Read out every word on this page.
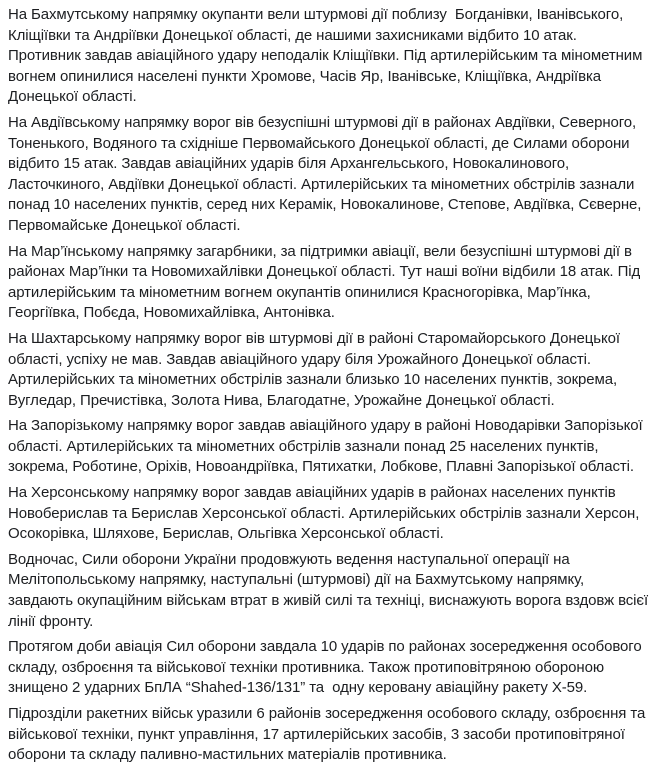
На Бахмутському напрямку окупанти вели штурмові дії поблизу  Богданівки, Іванівського, Кліщіївки та Андріївки Донецької області, де нашими захисниками відбито 10 атак. Противник завдав авіаційного удару неподалік Кліщіївки. Під артилерійським та мінометним вогнем опинилися населені пункти Хромове, Часів Яр, Іванівське, Кліщіївка, Андріївка Донецької області.

На Авдіївському напрямку ворог вів безуспішні штурмові дії в районах Авдіївки, Северного, Тоненького, Водяного та східніше Первомайського Донецької області, де Силами оборони відбито 15 атак. Завдав авіаційних ударів біля Архангельського, Новокалинового, Ласточкиного, Авдіївки Донецької області. Артилерійських та мінометних обстрілів зазнали понад 10 населених пунктів, серед них Керамік, Новокалинове, Степове, Авдіївка, Сєверне, Первомайське Донецької області.

На Мар’їнському напрямку загарбники, за підтримки авіації, вели безуспішні штурмові дії в районах Мар’їнки та Новомихайлівки Донецької області. Тут наші воїни відбили 18 атак. Під артилерійським та мінометним вогнем окупантів опинилися Красногорівка, Мар’їнка, Георгіївка, Побєда, Новомихайлівка, Антонівка.

На Шахтарському напрямку ворог вів штурмові дії в районі Старомайорського Донецької області, успіху не мав. Завдав авіаційного удару біля Урожайного Донецької області. Артилерійських та мінометних обстрілів зазнали близько 10 населених пунктів, зокрема, Вугледар, Пречистівка, Золота Нива, Благодатне, Урожайне Донецької області.

На Запорізькому напрямку ворог завдав авіаційного удару в районі Новодарівки Запорізької області. Артилерійських та мінометних обстрілів зазнали понад 25 населених пунктів, зокрема, Роботине, Оріхів, Новоандріївка, Пятихатки, Лобкове, Плавні Запорізької області.

На Херсонському напрямку ворог завдав авіаційних ударів в районах населених пунктів Новоберислав та Берислав Херсонської області. Артилерійських обстрілів зазнали Херсон, Осокорівка, Шляхове, Берислав, Ольгівка Херсонської області.

Водночас, Сили оборони України продовжують ведення наступальної операції на Мелітопольському напрямку, наступальні (штурмові) дії на Бахмутському напрямку, завдають окупаційним військам втрат в живій силі та техніці, виснажують ворога вздовж всієї лінії фронту.

Протягом доби авіація Сил оборони завдала 10 ударів по районах зосередження особового складу, озброєння та військової техніки противника. Також протиповітряною обороною знищено 2 ударних БпЛА “Shahed-136/131” та  одну керовану авіаційну ракету Х-59.

Підрозділи ракетних військ уразили 6 районів зосередження особового складу, озброєння та військової техніки, пункт управління, 17 артилерійських засобів, 3 засоби протиповітряної оборони та складу паливно-мастильних матеріалів противника.
